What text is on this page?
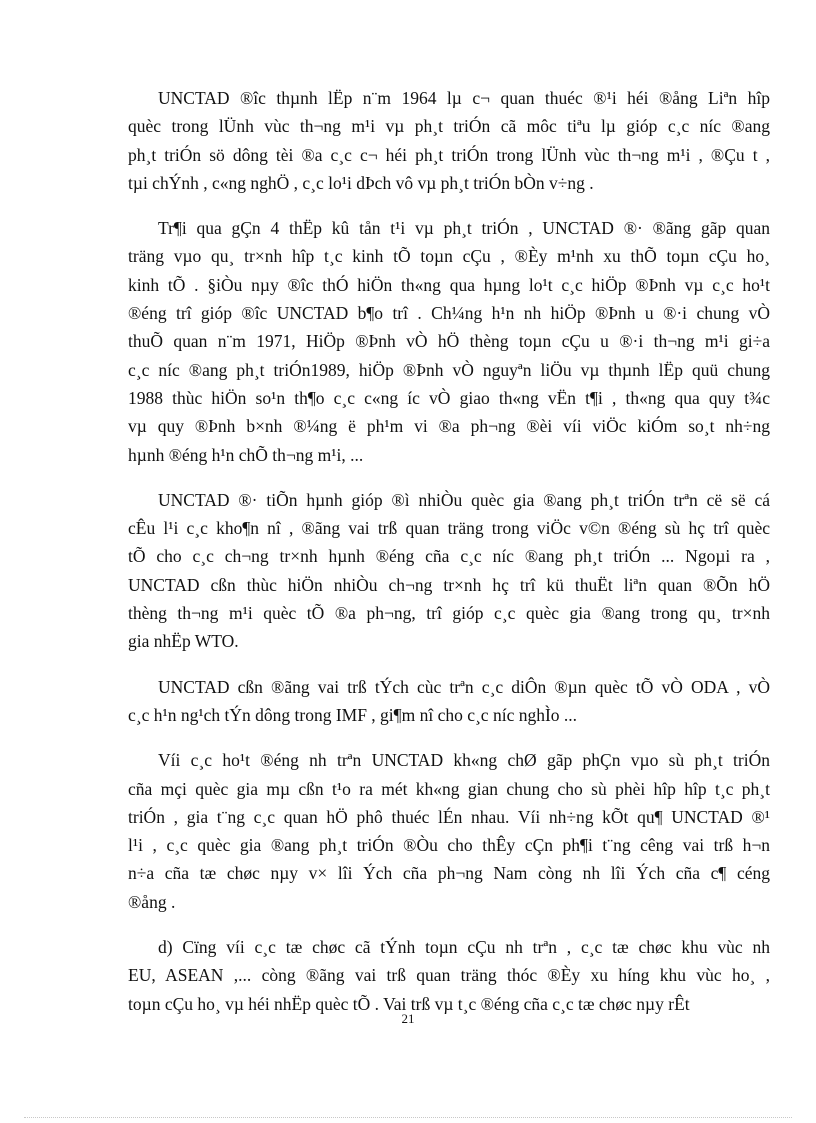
UNCTAD ®îc thµnh lËp n¨m 1964 lµ c¬ quan thuéc ®¹i héi ®ång Liªn hîp
quèc trong lÜnh vùc th¬ng m¹i vµ ph¸t triÓn cã môc tiªu lµ gióp c¸c níc ®ang
ph¸t triÓn sö dông tèi ®a c¸c c¬ héi ph¸t triÓn trong lÜnh vùc th¬ng m¹i , ®Çu t ,
tµi chÝnh , c«ng nghÖ , c¸c lo¹i dÞch vô vµ ph¸t triÓn bÒn v÷ng .
Tr¶i qua gÇn 4 thËp kû tån t¹i vµ ph¸t triÓn , UNCTAD ®· ®ãng gãp quan
träng vµo qu¸ tr×nh hîp t¸c kinh tÕ toµn cÇu , ®Èy m¹nh xu thÕ toµn cÇu ho¸
kinh tÕ . §iÒu nµy ®îc thÓ hiÖn th«ng qua hµng lo¹t c¸c hiÖp ®Þnh vµ c¸c ho¹t
®éng trî gióp ®îc UNCTAD b¶o trî . Ch¼ng h¹n nh hiÖp ®Þnh u ®·i chung vÒ
thuÕ quan n¨m 1971, HiÖp ®Þnh vÒ hÖ thèng toµn cÇu u ®·i th¬ng m¹i gi÷a
c¸c níc ®ang ph¸t triÓn1989, hiÖp ®Þnh vÒ nguyªn liÖu vµ thµnh lËp quü chung
1988 thùc hiÖn so¹n th¶o c¸c c«ng íc vÒ giao th«ng vËn t¶i , th«ng qua quy t¾c
vµ quy ®Þnh b×nh ®¼ng ë ph¹m vi ®a ph¬ng ®èi víi viÖc kiÓm so¸t nh÷ng
hµnh ®éng h¹n chÕ th¬ng m¹i, ...
UNCTAD ®· tiÕn hµnh gióp ®ì nhiÒu quèc gia ®ang ph¸t triÓn trªn cë së cá
cÊu l¹i c¸c kho¶n nî , ®ãng vai trß quan träng trong viÖc v©n ®éng sù hç trî quèc
tÕ cho c¸c ch¬ng tr×nh hµnh ®éng cña c¸c níc ®ang ph¸t triÓn ... Ngoµi ra ,
UNCTAD cßn thùc hiÖn nhiÒu ch¬ng tr×nh hç trî kü thuËt liªn quan ®Õn hÖ
thèng th¬ng m¹i quèc tÕ ®a ph¬ng, trî gióp c¸c quèc gia ®ang trong qu¸ tr×nh
gia nhËp WTO.
UNCTAD cßn ®ãng vai trß tÝch cùc trªn c¸c diÔn ®µn quèc tÕ vÒ ODA , vÒ
c¸c h¹n ng¹ch tÝn dông trong IMF , gi¶m nî cho c¸c níc nghÌo ...
Víi c¸c ho¹t ®éng nh trªn UNCTAD kh«ng chØ gãp phÇn vµo sù ph¸t triÓn
cña mçi quèc gia mµ cßn t¹o ra mét kh«ng gian chung cho sù phèi hîp hîp t¸c ph¸t
triÓn , gia t¨ng c¸c quan hÖ phô thuéc lÉn nhau. Víi nh÷ng kÕt qu¶ UNCTAD ®¹
l¹i , c¸c quèc gia ®ang ph¸t triÓn ®Òu cho thÊy cÇn ph¶i t¨ng cêng vai trß h¬n
n÷a cña tæ chøc nµy v× lîi Ých cña ph¬ng Nam còng nh lîi Ých cña c¶ céng
®ång .
d) Cïng víi c¸c tæ chøc cã tÝnh toµn cÇu nh trªn , c¸c tæ chøc khu vùc nh
EU, ASEAN ,... còng ®ãng vai trß quan träng thóc ®Èy xu híng khu vùc ho¸ ,
toµn cÇu ho¸ vµ héi nhËp quèc tÕ . Vai trß vµ t¸c ®éng cña c¸c tæ chøc nµy rÊt
21
